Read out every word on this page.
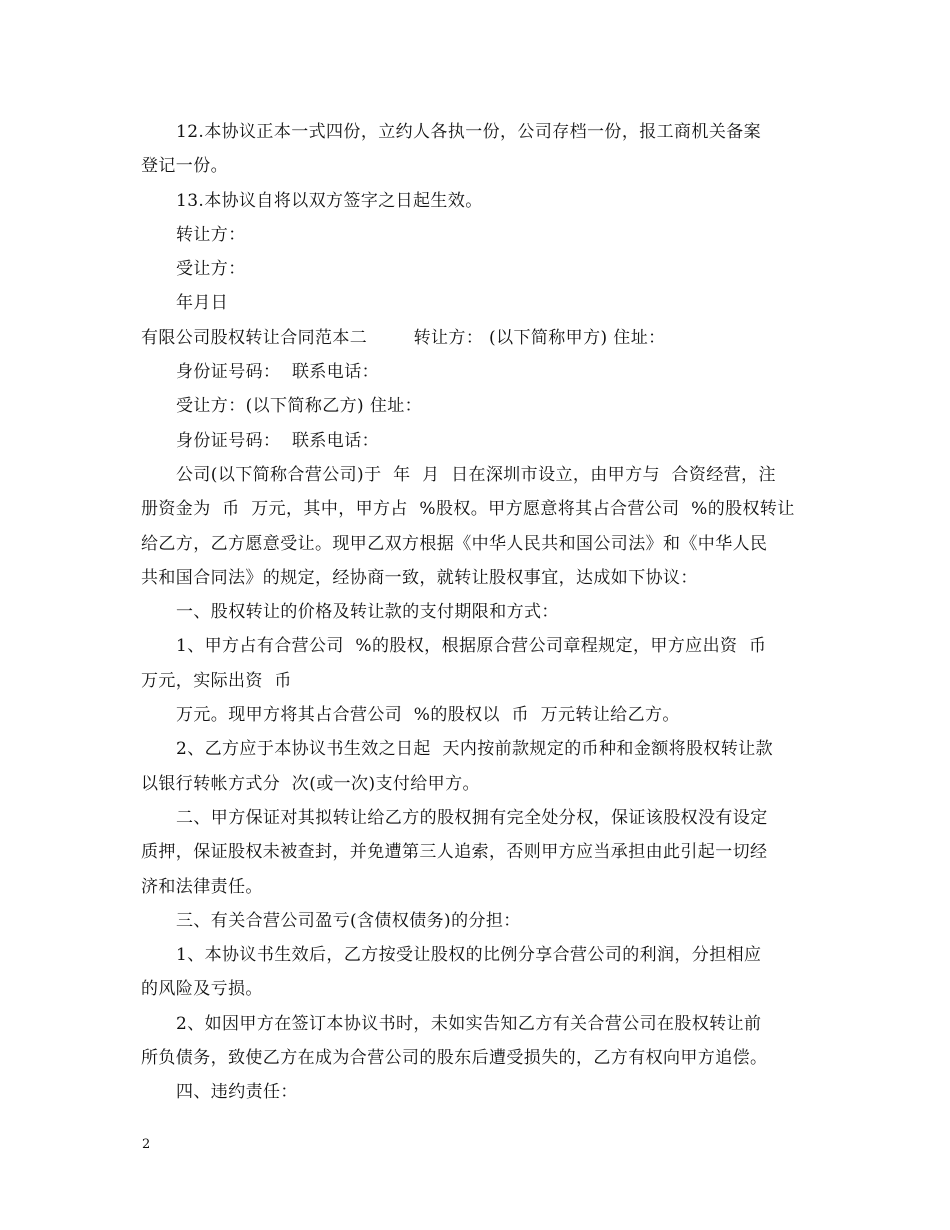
12.本协议正本一式四份，立约人各执一份，公司存档一份，报工商机关备案
登记一份。
13.本协议自将以双方签字之日起生效。
转让方：
受让方：
年月日
有限公司股权转让合同范本二        转让方： (以下简称甲方) 住址：
身份证号码：  联系电话：
受让方：(以下简称乙方) 住址：
身份证号码：  联系电话：
公司(以下简称合营公司)于  年  月  日在深圳市设立，由甲方与  合资经营，注
册资金为  币  万元，其中，甲方占  %股权。甲方愿意将其占合营公司  %的股权转让
给乙方，乙方愿意受让。现甲乙双方根据《中华人民共和国公司法》和《中华人民
共和国合同法》的规定，经协商一致，就转让股权事宜，达成如下协议：
一、股权转让的价格及转让款的支付期限和方式：
1、甲方占有合营公司  %的股权，根据原合营公司章程规定，甲方应出资  币
万元，实际出资  币
万元。现甲方将其占合营公司  %的股权以  币  万元转让给乙方。
2、乙方应于本协议书生效之日起  天内按前款规定的币种和金额将股权转让款
以银行转帐方式分  次(或一次)支付给甲方。
二、甲方保证对其拟转让给乙方的股权拥有完全处分权，保证该股权没有设定
质押，保证股权未被查封，并免遭第三人追索，否则甲方应当承担由此引起一切经
济和法律责任。
三、有关合营公司盈亏(含债权债务)的分担：
1、本协议书生效后，乙方按受让股权的比例分享合营公司的利润，分担相应
的风险及亏损。
2、如因甲方在签订本协议书时，未如实告知乙方有关合营公司在股权转让前
所负债务，致使乙方在成为合营公司的股东后遭受损失的，乙方有权向甲方追偿。
四、违约责任：
2
